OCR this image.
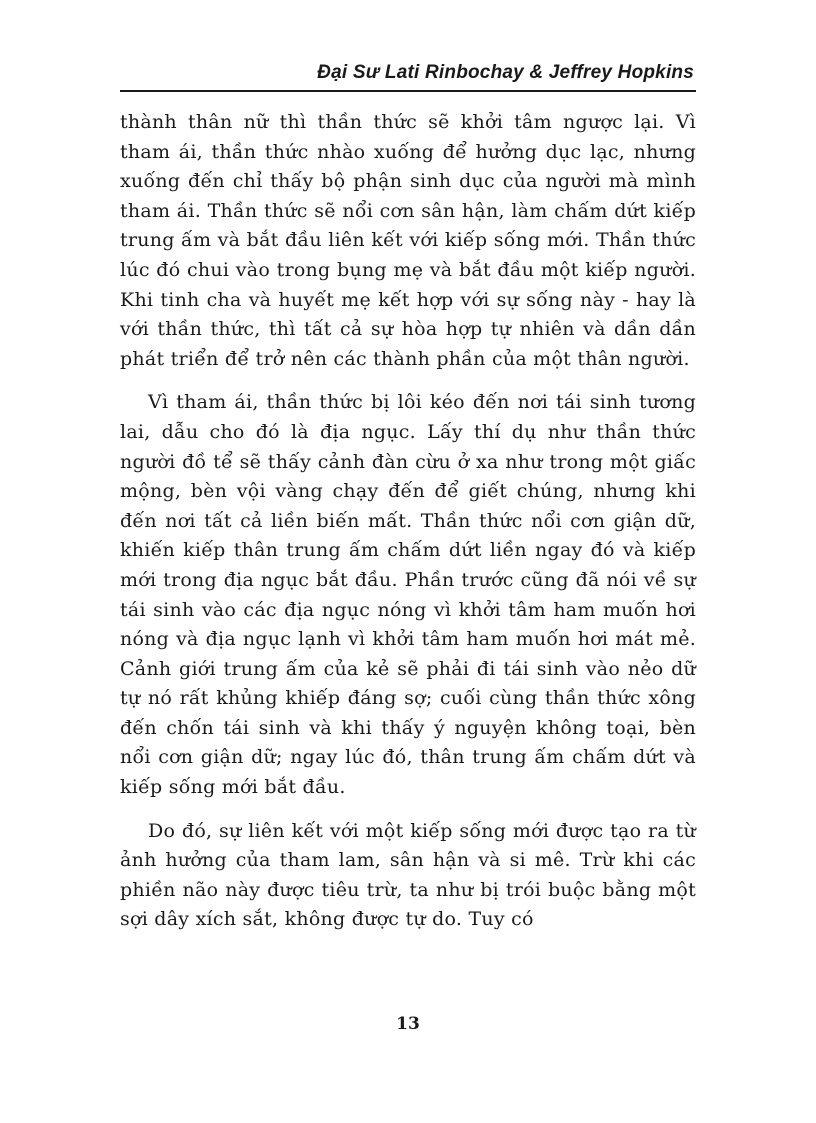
Đại Sư Lati Rinbochay & Jeffrey Hopkins

thành thân nữ thì thần thức sẽ khởi tâm ngược lại. Vì tham ái, thần thức nhào xuống để hưởng dục lạc, nhưng xuống đến chỉ thấy bộ phận sinh dục của người mà mình tham ái. Thần thức sẽ nổi cơn sân hận, làm chấm dứt kiếp trung ấm và bắt đầu liên kết với kiếp sống mới. Thần thức lúc đó chui vào trong bụng mẹ và bắt đầu một kiếp người. Khi tinh cha và huyết mẹ kết hợp với sự sống này - hay là với thần thức, thì tất cả sự hòa hợp tự nhiên và dần dần phát triển để trở nên các thành phần của một thân người.

Vì tham ái, thần thức bị lôi kéo đến nơi tái sinh tương lai, dẫu cho đó là địa ngục. Lấy thí dụ như thần thức người đồ tể sẽ thấy cảnh đàn cừu ở xa như trong một giấc mộng, bèn vội vàng chạy đến để giết chúng, nhưng khi đến nơi tất cả liền biến mất. Thần thức nổi cơn giận dữ, khiến kiếp thân trung ấm chấm dứt liền ngay đó và kiếp mới trong địa ngục bắt đầu. Phần trước cũng đã nói về sự tái sinh vào các địa ngục nóng vì khởi tâm ham muốn hơi nóng và địa ngục lạnh vì khởi tâm ham muốn hơi mát mẻ. Cảnh giới trung ấm của kẻ sẽ phải đi tái sinh vào nẻo dữ tự nó rất khủng khiếp đáng sợ; cuối cùng thần thức xông đến chốn tái sinh và khi thấy ý nguyện không toại, bèn nổi cơn giận dữ; ngay lúc đó, thân trung ấm chấm dứt và kiếp sống mới bắt đầu.

Do đó, sự liên kết với một kiếp sống mới được tạo ra từ ảnh hưởng của tham lam, sân hận và si mê. Trừ khi các phiền não này được tiêu trừ, ta như bị trói buộc bằng một sợi dây xích sắt, không được tự do. Tuy có

13
